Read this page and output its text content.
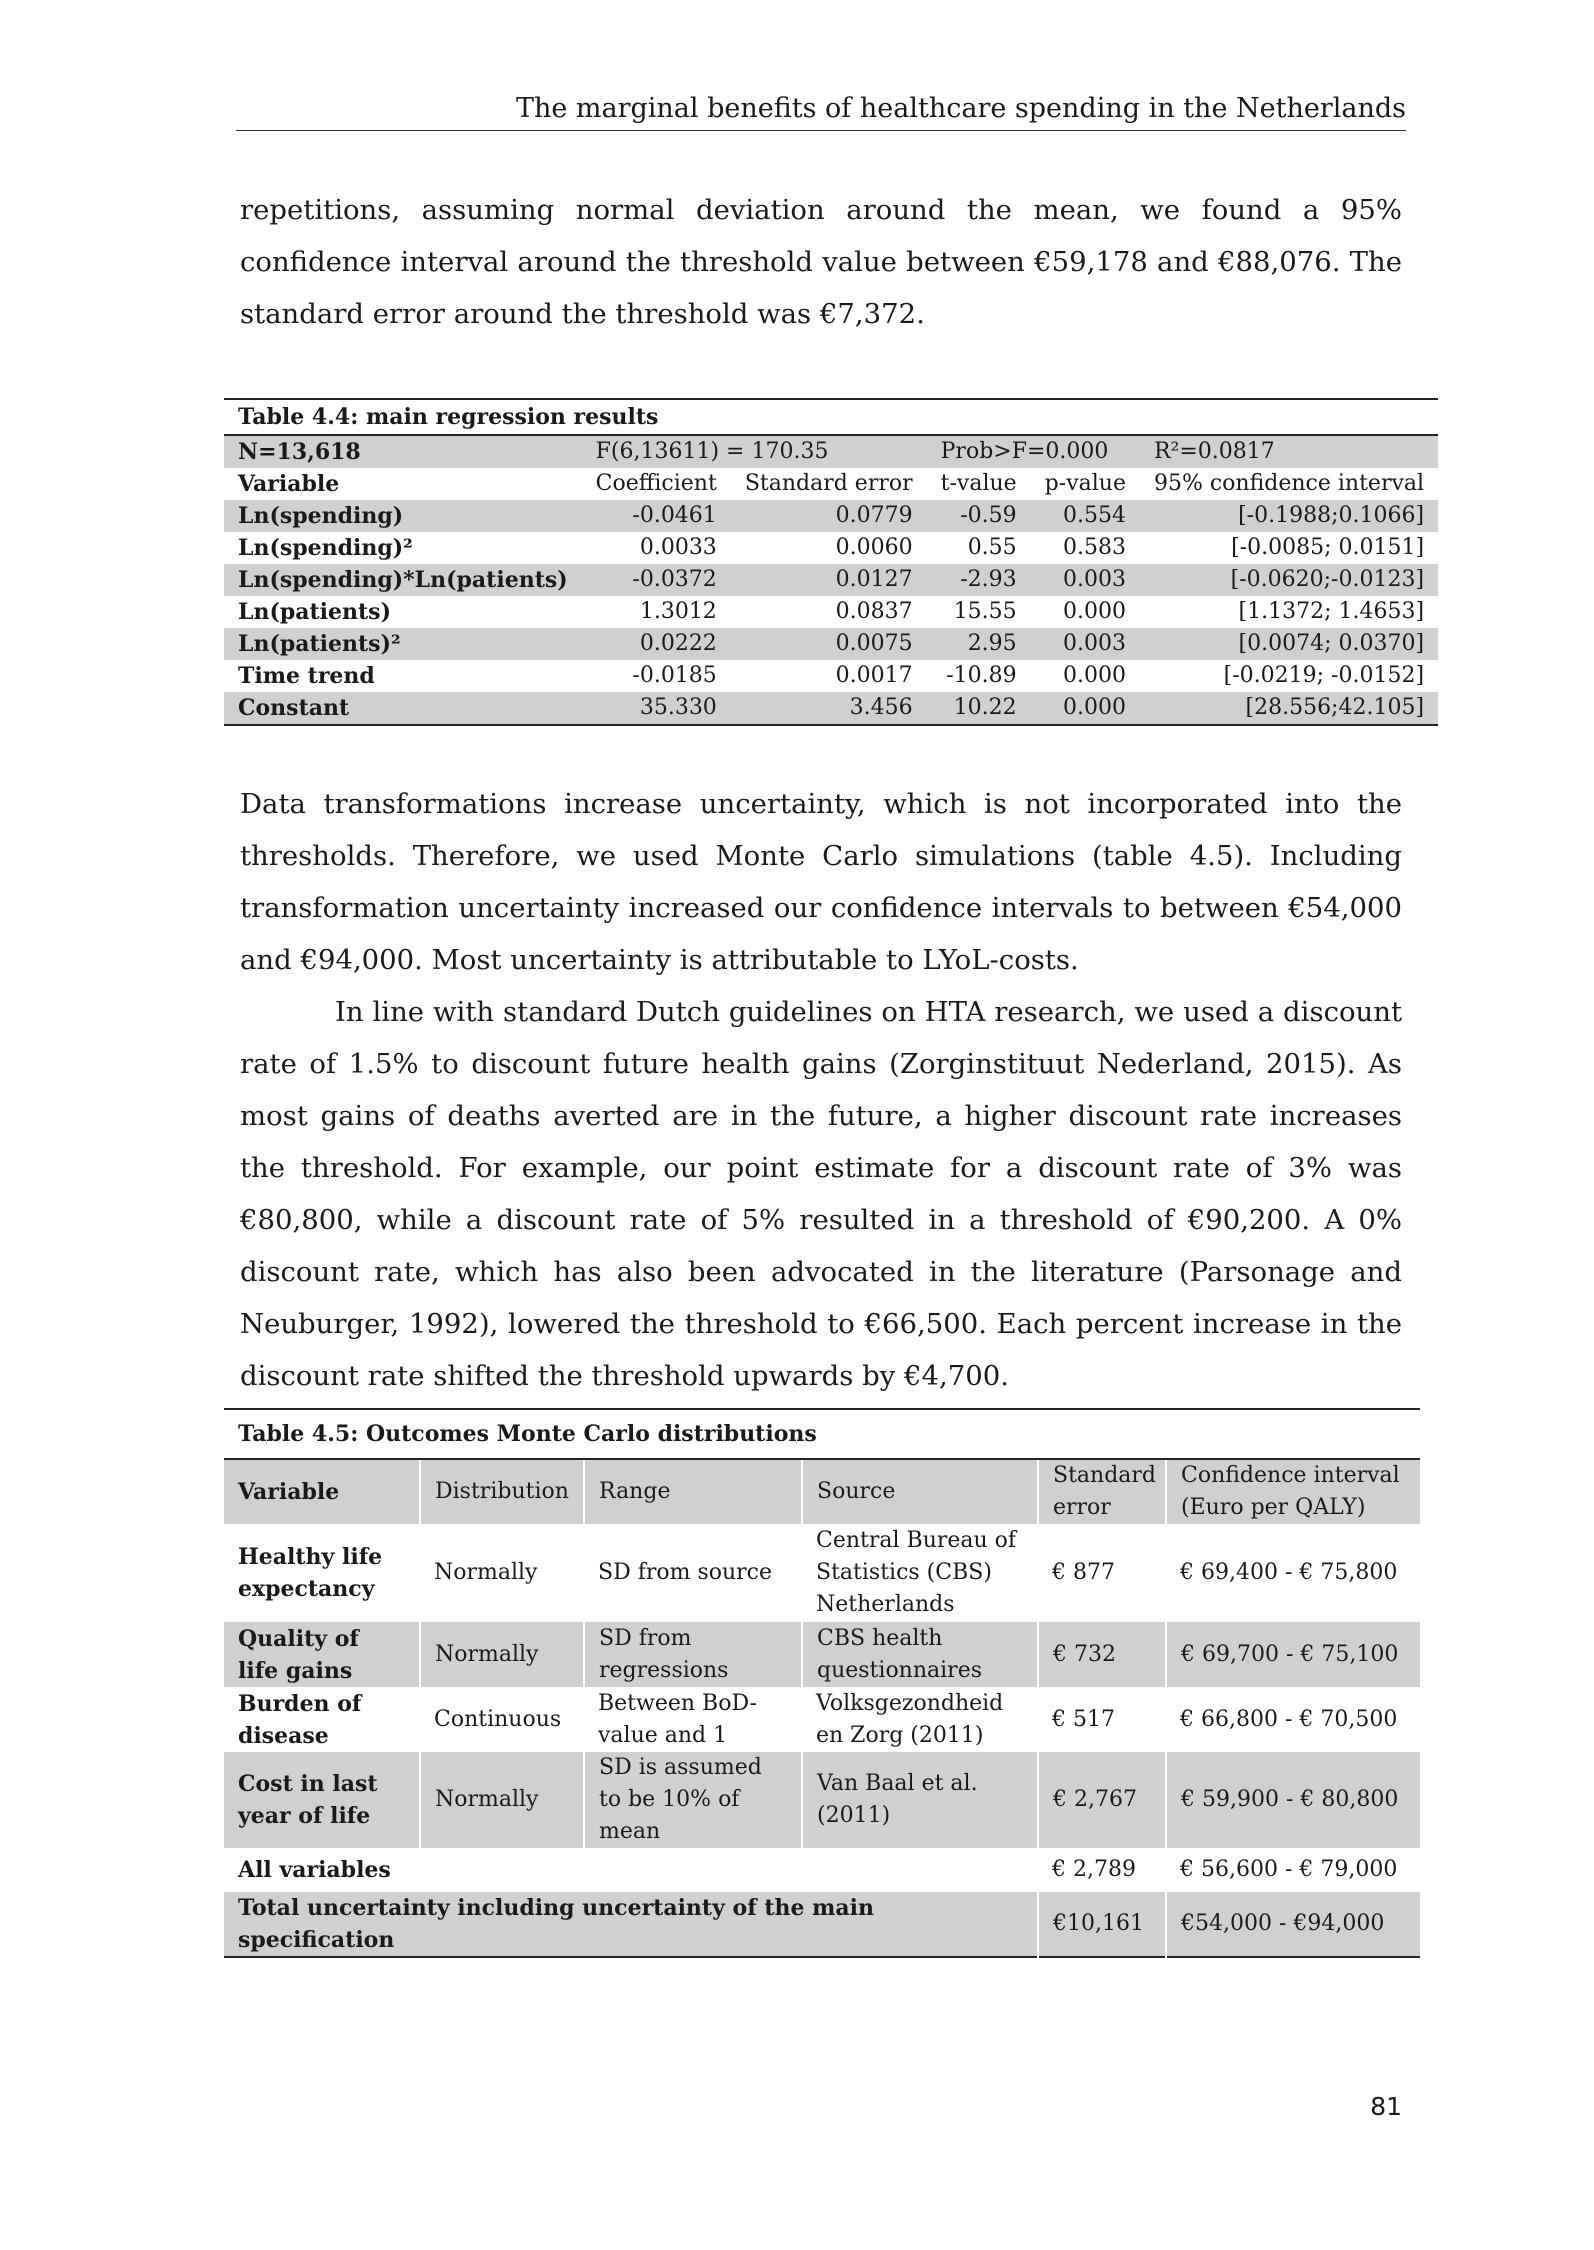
The marginal benefits of healthcare spending in the Netherlands

repetitions, assuming normal deviation around the mean, we found a 95% confidence interval around the threshold value between €59,178 and €88,076. The standard error around the threshold was €7,372.

Table 4.4: main regression results					
N=13,618	F(6,13611) = 170.35		Prob>F=0.000		R²=0.0817
Variable	Coefficient	Standard error	t-value	p-value	95% confidence interval
Ln(spending)	-0.0461	0.0779	-0.59	0.554	[-0.1988;0.1066]
Ln(spending)²	0.0033	0.0060	0.55	0.583	[-0.0085; 0.0151]
Ln(spending)*Ln(patients)	-0.0372	0.0127	-2.93	0.003	[-0.0620;-0.0123]
Ln(patients)	1.3012	0.0837	15.55	0.000	[1.1372; 1.4653]
Ln(patients)²	0.0222	0.0075	2.95	0.003	[0.0074; 0.0370]
Time trend	-0.0185	0.0017	-10.89	0.000	[-0.0219; -0.0152]
Constant	35.330	3.456	10.22	0.000	[28.556;42.105]

Data transformations increase uncertainty, which is not incorporated into the thresholds. Therefore, we used Monte Carlo simulations (table 4.5). Including transformation uncertainty increased our confidence intervals to between €54,000 and €94,000. Most uncertainty is attributable to LYoL-costs.

In line with standard Dutch guidelines on HTA research, we used a discount rate of 1.5% to discount future health gains (Zorginstituut Nederland, 2015). As most gains of deaths averted are in the future, a higher discount rate increases the threshold. For example, our point estimate for a discount rate of 3% was €80,800, while a discount rate of 5% resulted in a threshold of €90,200. A 0% discount rate, which has also been advocated in the literature (Parsonage and Neuburger, 1992), lowered the threshold to €66,500. Each percent increase in the discount rate shifted the threshold upwards by €4,700.

Table 4.5: Outcomes Monte Carlo distributions					
Variable	Distribution	Range	Source	Standard error	Confidence interval (Euro per QALY)
Healthy life expectancy	Normally	SD from source	Central Bureau of Statistics (CBS) Netherlands	€ 877	€ 69,400 - € 75,800
Quality of life gains	Normally	SD from regressions	CBS health questionnaires	€ 732	€ 69,700 - € 75,100
Burden of disease	Continuous	Between BoD-value and 1	Volksgezondheid en Zorg (2011)	€ 517	€ 66,800 - € 70,500
Cost in last year of life	Normally	SD is assumed to be 10% of mean	Van Baal et al. (2011)	€ 2,767	€ 59,900 - € 80,800
All variables				€ 2,789	€ 56,600 - € 79,000
Total uncertainty including uncertainty of the main specification				€10,161	€54,000 - €94,000
81
